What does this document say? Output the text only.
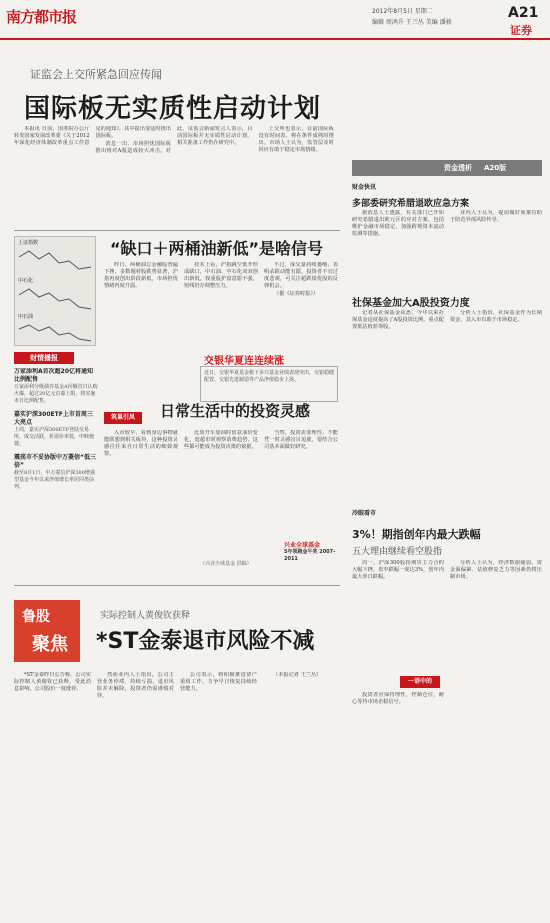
南方都市报	2012年8月5日 星期二
编辑 周鸿升 王兰丛 美编 潘骏
A21
证券
证监会上交所紧急回应传闻
国际板无实质性启动计划

本报讯 日前，国务院办公厅转发国家发展改革委《关于2012年深化经济体制改革重点工作意见的通知》，其中提出要适时推出国际板。

消息一出，市场担忧国际板推出将对A股造成较大冲击。对此，证监会新闻发言人表示，目前国际板并无实质性启动计划，相关准备工作仍在研究中。

上交所也表示，目前国际板没有时间表，将在条件成熟时推出。市场人士认为，监管层及时回应有助于稳定市场情绪。

上证指数
中石化
中石油
“缺口＋两桶油新低”是啥信号

昨日，两桶油总金融股普遍下挫，多数题材股跌势显著，沪指再度创出阶段新低，市场担忧情绪再度升温。

技术上看，沪指跳空低开形成缺口，中石油、中石化双双创出新低，权重股护盘意愿不强，短线仍存调整压力。

不过，成交量持续萎缩，表明杀跌动能有限，投资者不宜过度悲观，可关注超跌绩优股的反弹机会。

（据《证券时报》）

财情播报
万家添利A首次超20亿将通知比例配售
万家添利分级债券基金A份额首日认购火爆，超过20亿元首募上限，将实施末日比例配售。
嘉实沪深300ETF上市首周三大亮点
上周，嘉实沪深300ETF登陆交易所，成交活跃，折溢价率低，申赎便捷。
震荡市不妥协版中万菱信“低三倍”
截至8月1日，中万菱信沪深300增强型基金今年以来净值增长率居同类前列。
交银华夏连连续涨
近日，交银华夏基金旗下多只基金业绩表现突出，交银稳健配置、交银先进制造等产品净值稳步上扬。
筑巢引凤	日常生活中的投资灵感

入市较早，看到身边事物就能联想到相关板块，这种投资灵感往往来自日常生活的细致观察。

比如开车加油时留意油价变化，逛超市时观察消费趋势，这些都可能成为投资决策的依据。

当然，投资需要理性，不能凭一时灵感盲目追涨，要结合公司基本面做好研究。

兴业全球基金
5年领跑金牛奖 2007-2011
（兴业全球基金 供稿）
资金透析 A20版
财金快讯
多部委研究希腊退欧应急方案

据消息人士透露，有关部门已开始研究希腊退出欧元区的应对方案，包括维护金融市场稳定、加强跨境资本流动监测等措施。

业内人士认为，提前做好预案有助于防范外部风险传导。

社保基金加大A股投资力度

记者从社保基金获悉，今年以来社保基金适度提高了A股投资比例，重点配置低估值蓝筹股。

分析人士指出，社保基金作为长期资金，其入市有助于市场稳定。

冷眼看市
3%！期指创年内最大跌幅
五大理由继续看空股指

周一，沪深300股指期货主力合约大幅下挫，盘中跌幅一度达3%，创年内最大单日跌幅。

分析人士认为，经济数据疲弱、资金面偏紧、估值修复乏力等因素仍将压制市场。

一语中的

投资者应保持理性，控制仓位，耐心等待市场企稳信号。

鲁股
聚焦
实际控制人黄俊钦获释
*ST金泰退市风险不减

*ST金泰昨日公告称，公司实际控制人黄俊钦已获释。受此消息影响，公司股价一度涨停。

然而业内人士指出，公司主营业务停滞、持续亏损，退市风险并未解除，投资者仍需谨慎对待。

公司表示，将积极推进资产重组工作，力争早日恢复持续经营能力。

（本报记者 王兰丛）
